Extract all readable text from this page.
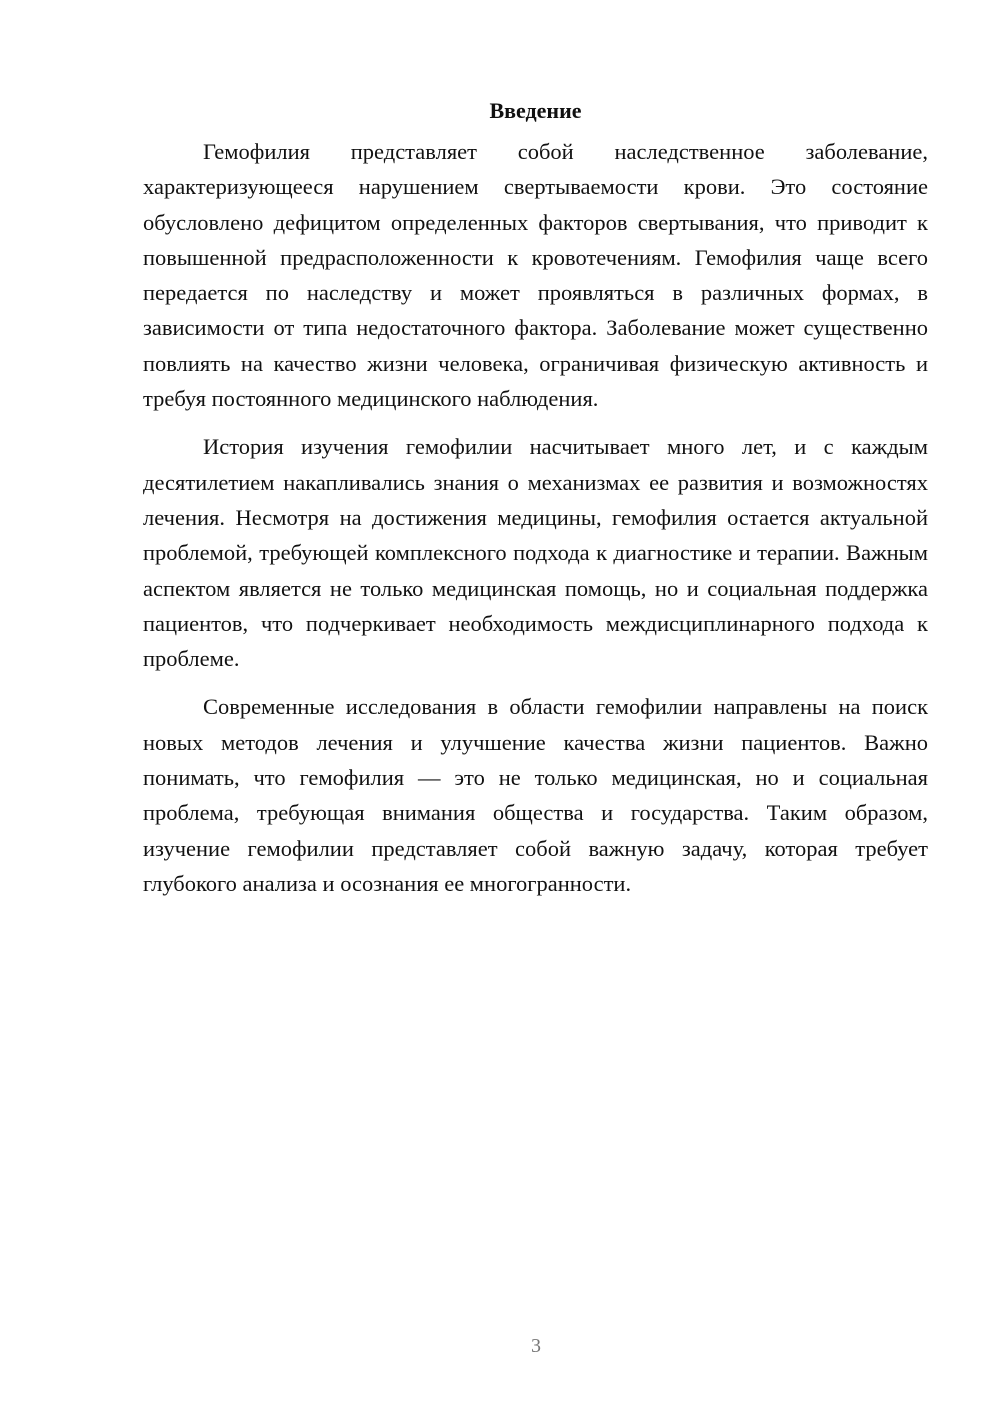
Введение

Гемофилия представляет собой наследственное заболевание, характеризующееся нарушением свертываемости крови. Это состояние обусловлено дефицитом определенных факторов свертывания, что приводит к повышенной предрасположенности к кровотечениям. Гемофилия чаще всего передается по наследству и может проявляться в различных формах, в зависимости от типа недостаточного фактора. Заболевание может существенно повлиять на качество жизни человека, ограничивая физическую активность и требуя постоянного медицинского наблюдения.

История изучения гемофилии насчитывает много лет, и с каждым десятилетием накапливались знания о механизмах ее развития и возможностях лечения. Несмотря на достижения медицины, гемофилия остается актуальной проблемой, требующей комплексного подхода к диагностике и терапии. Важным аспектом является не только медицинская помощь, но и социальная поддержка пациентов, что подчеркивает необходимость междисциплинарного подхода к проблеме.

Современные исследования в области гемофилии направлены на поиск новых методов лечения и улучшение качества жизни пациентов. Важно понимать, что гемофилия — это не только медицинская, но и социальная проблема, требующая внимания общества и государства. Таким образом, изучение гемофилии представляет собой важную задачу, которая требует глубокого анализа и осознания ее многогранности.

3
